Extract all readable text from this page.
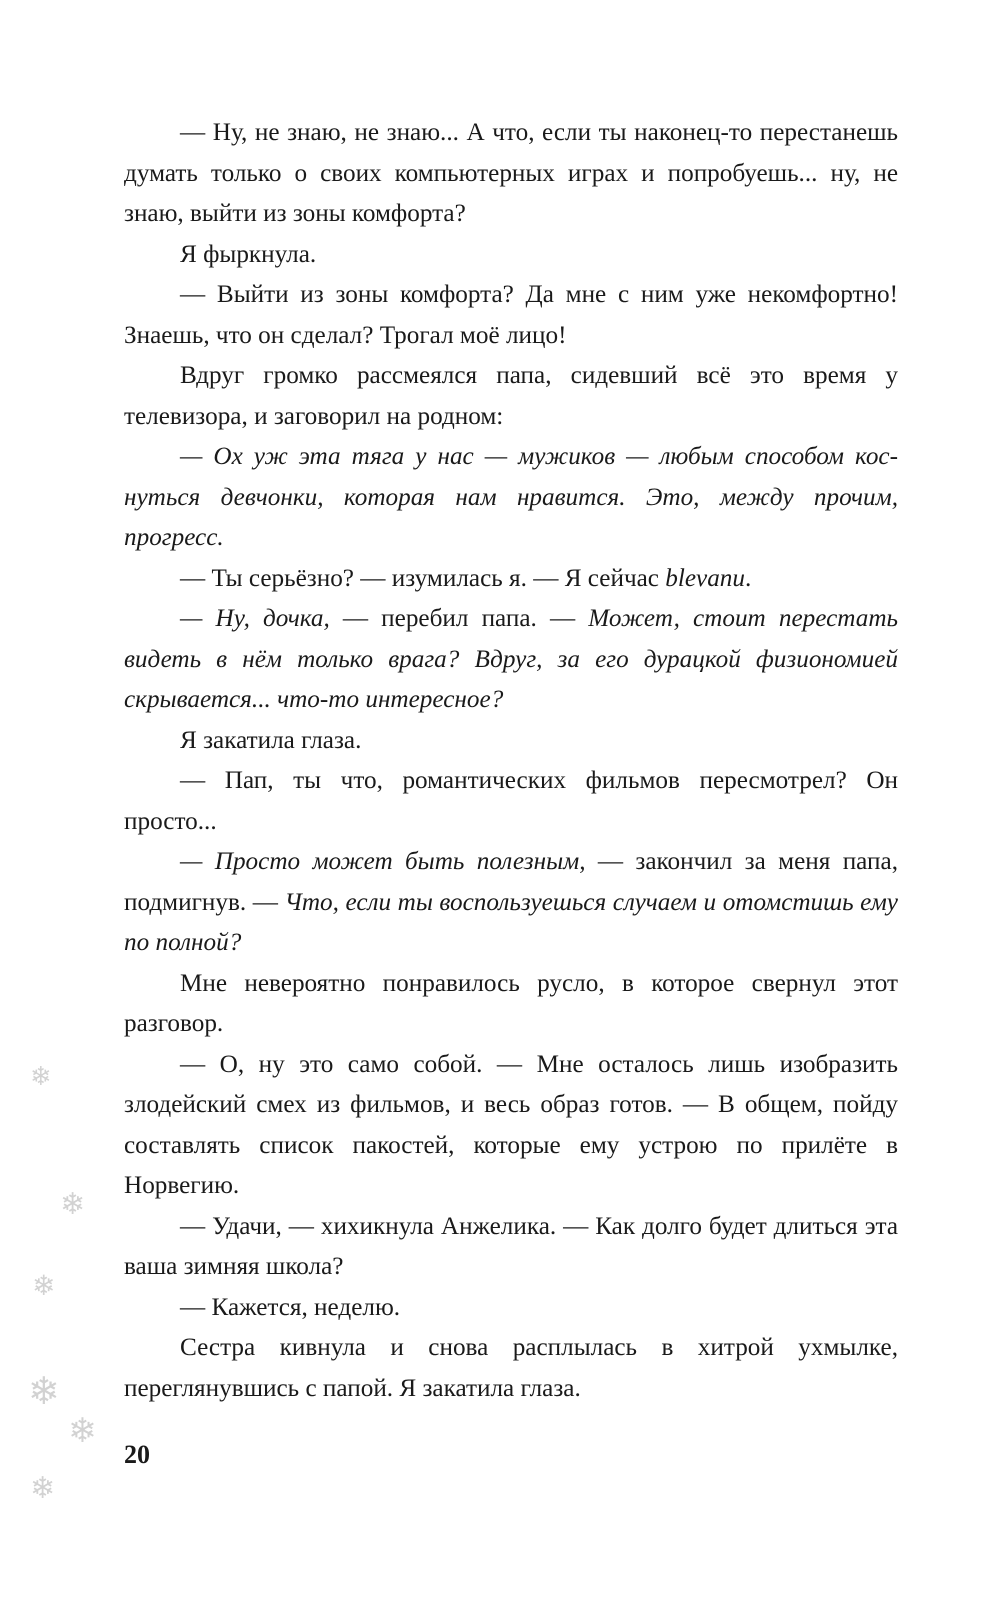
— Ну, не знаю, не знаю... А что, если ты наконец-то перестанешь думать только о своих компьютерных играх и попробуешь... ну, не знаю, выйти из зоны комфорта?

Я фыркнула.

— Выйти из зоны комфорта? Да мне с ним уже некомфортно! Знаешь, что он сделал? Трогал моё лицо!

Вдруг громко рассмеялся папа, сидевший всё это время у телевизора, и заговорил на родном:

— Ох уж эта тяга у нас — мужиков — любым способом коснуться девчонки, которая нам нравится. Это, между прочим, прогресс.

— Ты серьёзно? — изумилась я. — Я сейчас blevanu.

— Ну, дочка, — перебил папа. — Может, стоит перестать видеть в нём только врага? Вдруг, за его дурацкой физиономией скрывается... что-то интересное?

Я закатила глаза.

— Пап, ты что, романтических фильмов пересмотрел? Он просто...

— Просто может быть полезным, — закончил за меня папа, подмигнув. — Что, если ты воспользуешься случаем и отомстишь ему по полной?

Мне невероятно понравилось русло, в которое свернул этот разговор.

— О, ну это само собой. — Мне осталось лишь изобразить злодейский смех из фильмов, и весь образ готов. — В общем, пойду составлять список пакостей, которые ему устрою по прилёте в Норвегию.

— Удачи, — хихикнула Анжелика. — Как долго будет длиться эта ваша зимняя школа?

— Кажется, неделю.

Сестра кивнула и снова расплылась в хитрой ухмылке, переглянувшись с папой. Я закатила глаза.

20
❄
❄
❄
❄
❄
❄
